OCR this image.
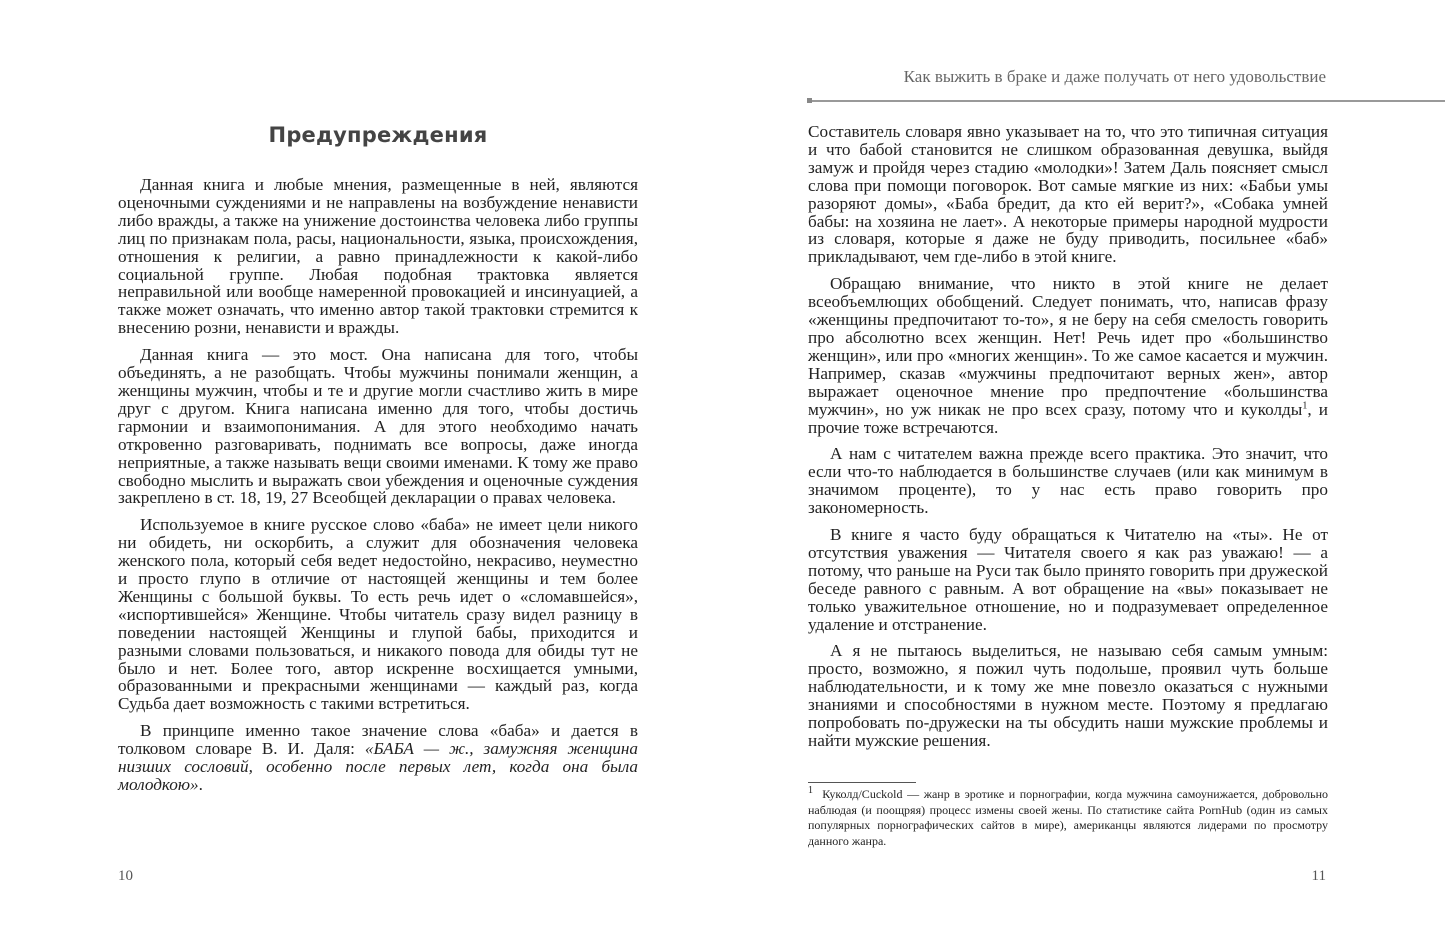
Предупреждения

Данная книга и любые мнения, размещенные в ней, являются оценочными суждениями и не направлены на возбуждение ненависти либо вражды, а также на унижение достоинства человека либо группы лиц по признакам пола, расы, национальности, языка, происхождения, отношения к религии, а равно принадлежности к какой-либо социальной группе. Любая подобная трактовка является неправильной или вообще намеренной провокацией и инсинуацией, а также может означать, что именно автор такой трактовки стремится к внесению розни, ненависти и вражды.

Данная книга — это мост. Она написана для того, чтобы объединять, а не разобщать. Чтобы мужчины понимали женщин, а женщины мужчин, чтобы и те и другие могли счастливо жить в мире друг с другом. Книга написана именно для того, чтобы достичь гармонии и взаимопонимания. А для этого необходимо начать откровенно разговаривать, поднимать все вопросы, даже иногда неприятные, а также называть вещи своими именами. К тому же право свободно мыслить и выражать свои убеждения и оценочные суждения закреплено в ст. 18, 19, 27 Всеобщей декларации о правах человека.

Используемое в книге русское слово «баба» не имеет цели никого ни обидеть, ни оскорбить, а служит для обозначения человека женского пола, который себя ведет недостойно, некрасиво, неуместно и просто глупо в отличие от настоящей женщины и тем более Женщины с большой буквы. То есть речь идет о «сломавшейся», «испортившейся» Женщине. Чтобы читатель сразу видел разницу в поведении настоящей Женщины и глупой бабы, приходится и разными словами пользоваться, и никакого повода для обиды тут не было и нет. Более того, автор искренне восхищается умными, образованными и прекрасными женщинами — каждый раз, когда Судьба дает возможность с такими встретиться.

В принципе именно такое значение слова «баба» и дается в толковом словаре В. И. Даля: «БАБА — ж., замужняя женщина низших сословий, особенно после первых лет, когда она была молодкою».

10
Как выжить в браке и даже получать от него удовольствие

Составитель словаря явно указывает на то, что это типичная ситуация и что бабой становится не слишком образованная девушка, выйдя замуж и пройдя через стадию «молодки»! Затем Даль поясняет смысл слова при помощи поговорок. Вот самые мягкие из них: «Бабьи умы разоряют домы», «Баба бредит, да кто ей верит?», «Собака умней бабы: на хозяина не лает». А некоторые примеры народной мудрости из словаря, которые я даже не буду приводить, посильнее «баб» прикладывают, чем где-либо в этой книге.

Обращаю внимание, что никто в этой книге не делает всеобъемлющих обобщений. Следует понимать, что, написав фразу «женщины предпочитают то-то», я не беру на себя смелость говорить про абсолютно всех женщин. Нет! Речь идет про «большинство женщин», или про «многих женщин». То же самое касается и мужчин. Например, сказав «мужчины предпочитают верных жен», автор выражает оценочное мнение про предпочтение «большинства мужчин», но уж никак не про всех сразу, потому что и куколды$^1$, и прочие тоже встречаются.

А нам с читателем важна прежде всего практика. Это значит, что если что-то наблюдается в большинстве случаев (или как минимум в значимом проценте), то у нас есть право говорить про закономерность.

В книге я часто буду обращаться к Читателю на «ты». Не от отсутствия уважения — Читателя своего я как раз уважаю! — а потому, что раньше на Руси так было принято говорить при дружеской беседе равного с равным. А вот обращение на «вы» показывает не только уважительное отношение, но и подразумевает определенное удаление и отстранение.

А я не пытаюсь выделиться, не называю себя самым умным: просто, возможно, я пожил чуть подольше, проявил чуть больше наблюдательности, и к тому же мне повезло оказаться с нужными знаниями и способностями в нужном месте. Поэтому я предлагаю попробовать по-дружески на ты обсудить наши мужские проблемы и найти мужские решения.

$^1$ Куколд/Cuckold — жанр в эротике и порнографии, когда мужчина самоунижается, добровольно наблюдая (и поощряя) процесс измены своей жены. По статистике сайта PornHub (один из самых популярных порнографических сайтов в мире), американцы являются лидерами по просмотру данного жанра.
11
